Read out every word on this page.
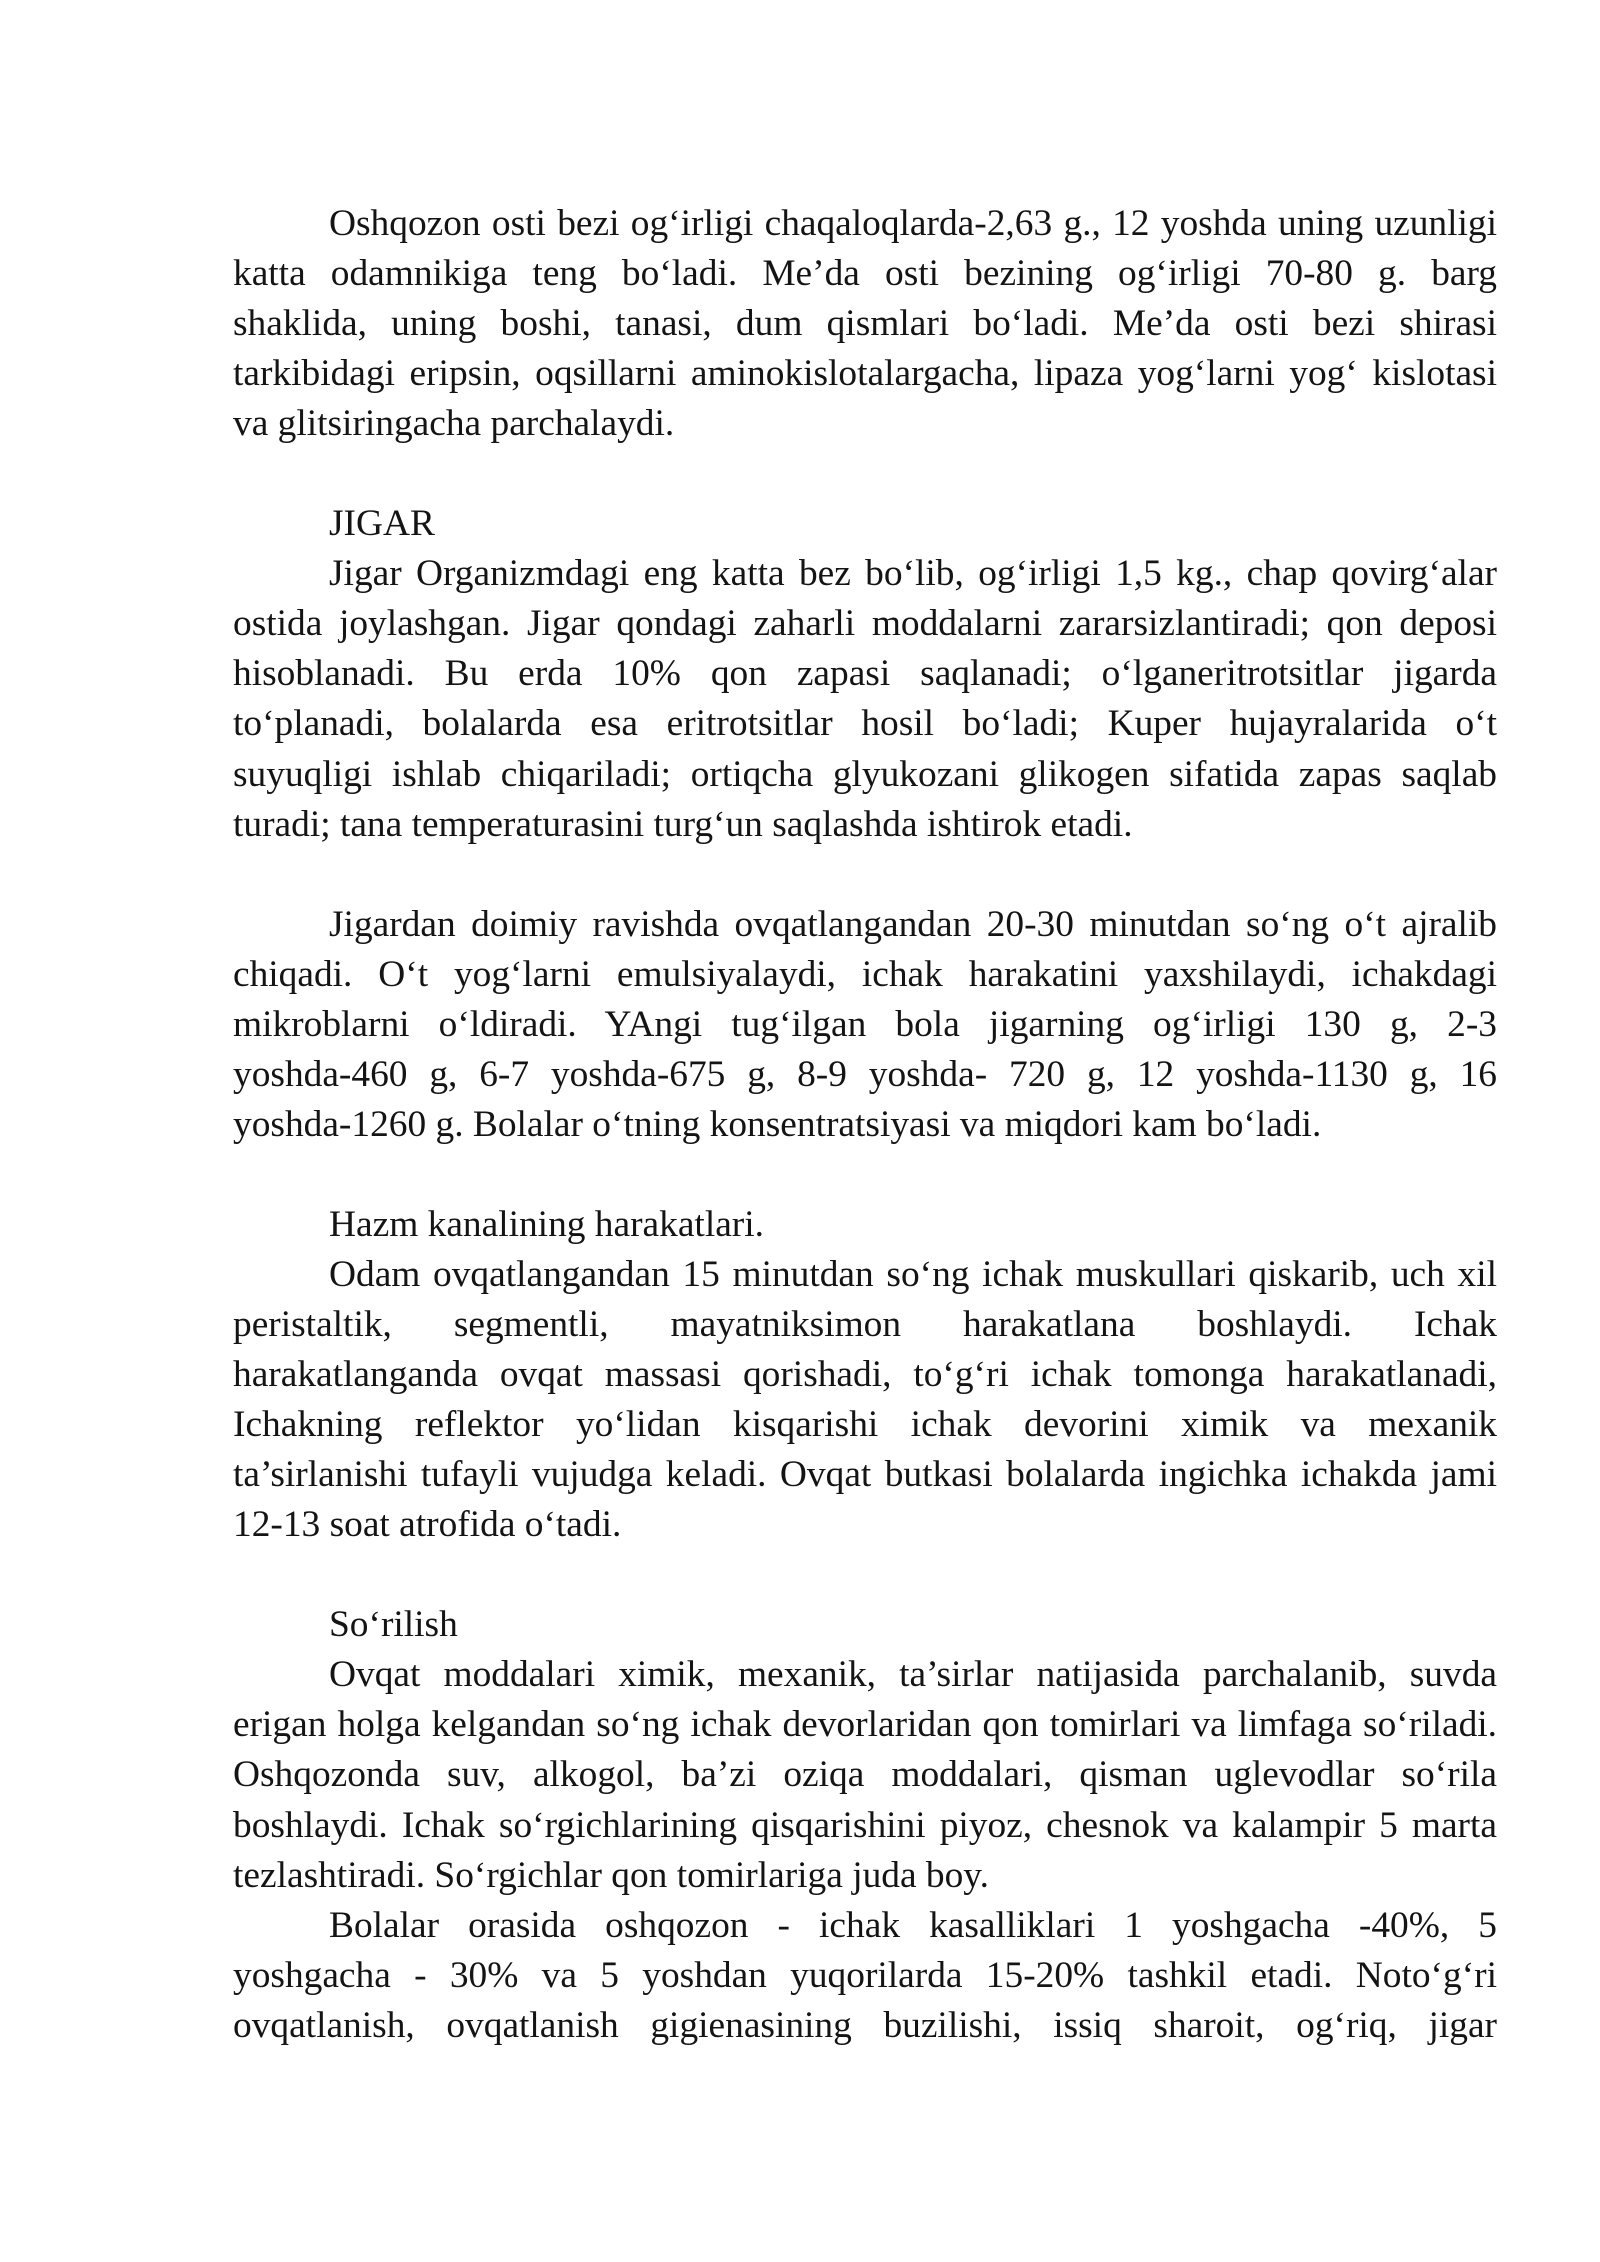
Oshqozon osti bezi og‘irligi chaqaloqlarda-2,63 g., 12 yoshda uning uzunligi
katta odamnikiga teng bo‘ladi. Me’da osti bezining og‘irligi 70-80 g. barg
shaklida, uning boshi, tanasi, dum qismlari bo‘ladi. Me’da osti bezi shirasi
tarkibidagi eripsin, oqsillarni aminokislotalargacha, lipaza yog‘larni yog‘ kislotasi
va glitsiringacha parchalaydi.
JIGAR
Jigar Organizmdagi eng katta bez bo‘lib, og‘irligi 1,5 kg., chap qovirg‘alar
ostida joylashgan. Jigar qondagi zaharli moddalarni zararsizlantiradi; qon deposi
hisoblanadi. Bu erda 10% qon zapasi saqlanadi; o‘lganeritrotsitlar jigarda
to‘planadi, bolalarda esa eritrotsitlar hosil bo‘ladi; Kuper hujayralarida o‘t
suyuqligi ishlab chiqariladi; ortiqcha glyukozani glikogen sifatida zapas saqlab
turadi; tana temperaturasini turg‘un saqlashda ishtirok etadi.
Jigardan doimiy ravishda ovqatlangandan 20-30 minutdan so‘ng o‘t ajralib
chiqadi. O‘t yog‘larni emulsiyalaydi, ichak harakatini yaxshilaydi, ichakdagi
mikroblarni o‘ldiradi. YAngi tug‘ilgan bola jigarning og‘irligi 130 g, 2-3
yoshda-460 g, 6-7 yoshda-675 g, 8-9 yoshda- 720 g, 12 yoshda-1130 g, 16
yoshda-1260 g. Bolalar o‘tning konsentratsiyasi va miqdori kam bo‘ladi.
Hazm kanalining harakatlari.
Odam ovqatlangandan 15 minutdan so‘ng ichak muskullari qiskarib, uch xil
peristaltik, segmentli, mayatniksimon harakatlana boshlaydi. Ichak
harakatlanganda ovqat massasi qorishadi, to‘g‘ri ichak tomonga harakatlanadi,
Ichakning reflektor yo‘lidan kisqarishi ichak devorini ximik va mexanik
ta’sirlanishi tufayli vujudga keladi. Ovqat butkasi bolalarda ingichka ichakda jami
12-13 soat atrofida o‘tadi.
So‘rilish
Ovqat moddalari ximik, mexanik, ta’sirlar natijasida parchalanib, suvda
erigan holga kelgandan so‘ng ichak devorlaridan qon tomirlari va limfaga so‘riladi.
Oshqozonda suv, alkogol, ba’zi oziqa moddalari, qisman uglevodlar so‘rila
boshlaydi. Ichak so‘rgichlarining qisqarishini piyoz, chesnok va kalampir 5 marta
tezlashtiradi. So‘rgichlar qon tomirlariga juda boy.
Bolalar orasida oshqozon - ichak kasalliklari 1 yoshgacha -40%, 5
yoshgacha - 30% va 5 yoshdan yuqorilarda 15-20% tashkil etadi. Noto‘g‘ri
ovqatlanish, ovqatlanish gigienasining buzilishi, issiq sharoit, og‘riq, jigar
